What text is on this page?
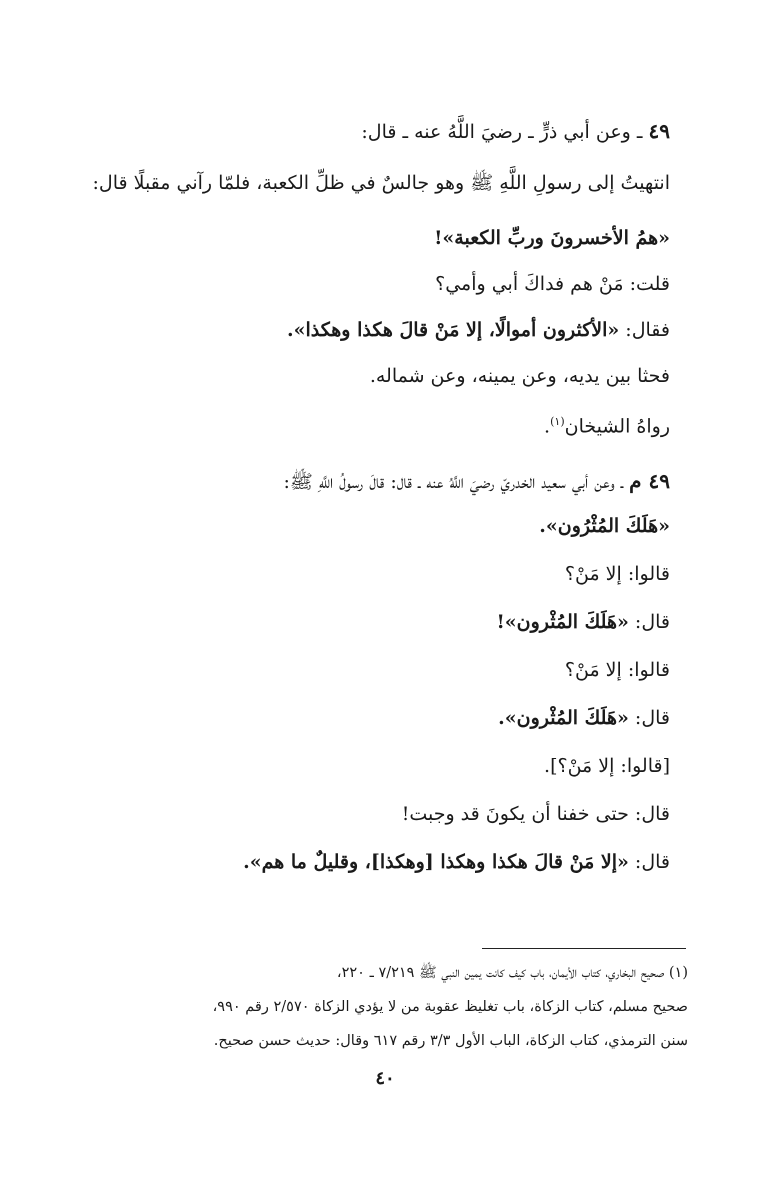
٤٩ ـ وعن أبي ذرٍّ ـ رضيَ اللَّهُ عنه ـ قال:

انتهيتُ إلى رسولِ اللَّهِ ﷺ وهو جالسٌ في ظلِّ الكعبة، فلمّا رآني مقبلًا قال:

«همُ الأخسرونَ وربِّ الكعبة»!

قلت: مَنْ هم فداكَ أبي وأمي؟

فقال: «الأكثرون أموالًا، إلا مَنْ قالَ هكذا وهكذا».

فحثا بين يديه، وعن يمينه، وعن شماله.

رواهُ الشيخان$^{(١)}$.

٤٩ م ـ وعن أبي سعيد الخدريّ رضيَ اللَّهُ عنه ـ قال: قالَ رسولُ اللَّهِ ﷺ:

«هَلَكَ المُثْرُون».

قالوا: إلا مَنْ؟

قال: «هَلَكَ المُثْرون»!

قالوا: إلا مَنْ؟

قال: «هَلَكَ المُثْرون».

[قالوا: إلا مَنْ؟].

قال: حتى خفنا أن يكونَ قد وجبت!

قال: «إلا مَنْ قالَ هكذا وهكذا [وهكذا]، وقليلٌ ما هم».

(١) صحيح البخاري، كتاب الأيمان، باب كيف كانت يمين النبي ﷺ ٧/٢١٩ ـ ٢٢٠،

صحيح مسلم، كتاب الزكاة، باب تغليظ عقوبة من لا يؤدي الزكاة ٢/٥٧٠ رقم ٩٩٠،

سنن الترمذي، كتاب الزكاة، الباب الأول ٣/٣ رقم ٦١٧ وقال: حديث حسن صحيح.

٤٠
